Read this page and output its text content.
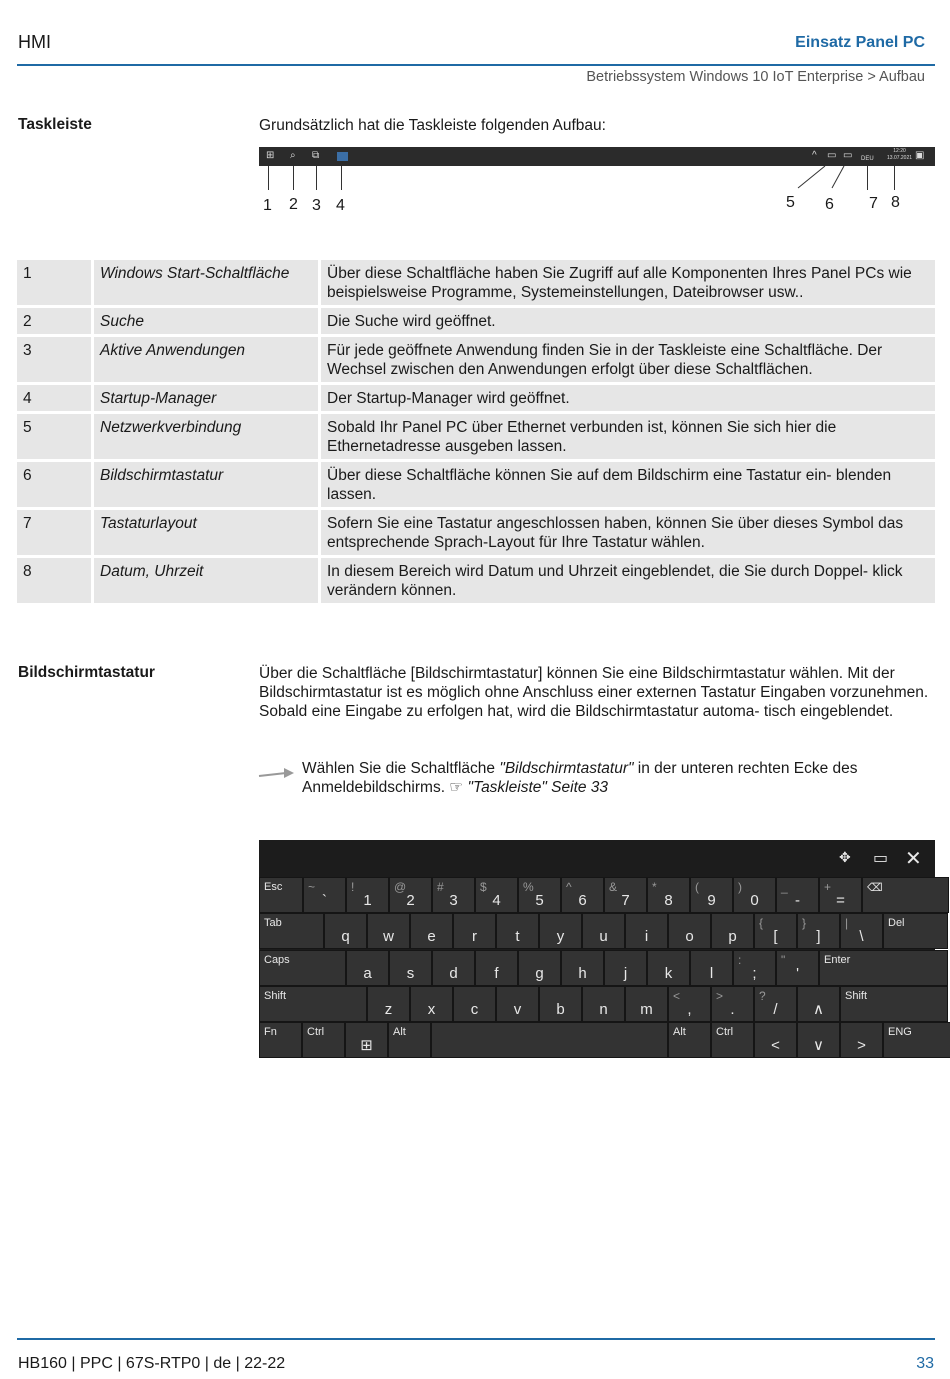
HMI	Einsatz Panel PC
Betriebssystem Windows 10 IoT Enterprise > Aufbau
Taskleiste	Grundsätzlich hat die Taskleiste folgenden Aufbau:
⊞ ⌕ ⧉	^ ▭ ▭ DEU
12:20
13.07.2021 ▣
1 2 3 4	5 6 7 8
1	Windows Start-Schaltfläche	Über diese Schaltfläche haben Sie Zugriff auf alle Komponenten Ihres Panel PCs wie beispielsweise Programme, Systemeinstellungen, Dateibrowser usw..
2	Suche	Die Suche wird geöffnet.
3	Aktive Anwendungen	Für jede geöffnete Anwendung finden Sie in der Taskleiste eine Schaltfläche. Der Wechsel zwischen den Anwendungen erfolgt über diese Schaltflächen.
4	Startup-Manager	Der Startup-Manager wird geöffnet.
5	Netzwerkverbindung	Sobald Ihr Panel PC über Ethernet verbunden ist, können Sie sich hier die Ethernetadresse ausgeben lassen.
6	Bildschirmtastatur	Über diese Schaltfläche können Sie auf dem Bildschirm eine Tastatur ein- blenden lassen.
7	Tastaturlayout	Sofern Sie eine Tastatur angeschlossen haben, können Sie über dieses Symbol das entsprechende Sprach-Layout für Ihre Tastatur wählen.
8	Datum, Uhrzeit	In diesem Bereich wird Datum und Uhrzeit eingeblendet, die Sie durch Doppel- klick verändern können.
Bildschirmtastatur	Über die Schaltfläche [Bildschirmtastatur] können Sie eine Bildschirmtastatur wählen. Mit der Bildschirmtastatur ist es möglich ohne Anschluss einer externen Tastatur Eingaben vorzunehmen. Sobald eine Eingabe zu erfolgen hat, wird die Bildschirmtastatur automa- tisch eingeblendet.
Wählen Sie die Schaltfläche "Bildschirmtastatur" in der unteren rechten Ecke des Anmeldebildschirms. ☞ "Taskleiste" Seite 33
✥ ▭ ✕
Esc ~
`
!
1
@
2
#
3
$
4
%
5
^
6
&
7
*
8
(
9
)
0
_
-
+
=
⌫
Tab
q	w	e	r	t	y	u	i	o	p
{
[
}
]
|
\
Del
Caps
a	s	d	f	g	h	j	k	l
:
;
"
'
Enter
Shift
z	x	c	v	b	n	m
<
,
>
.
?
/	∧
Shift
Fn	Ctrl
⊞
Alt	Alt	Ctrl
<	∨	>
ENG
HB160 | PPC | 67S-RTP0 | de | 22-22	33
